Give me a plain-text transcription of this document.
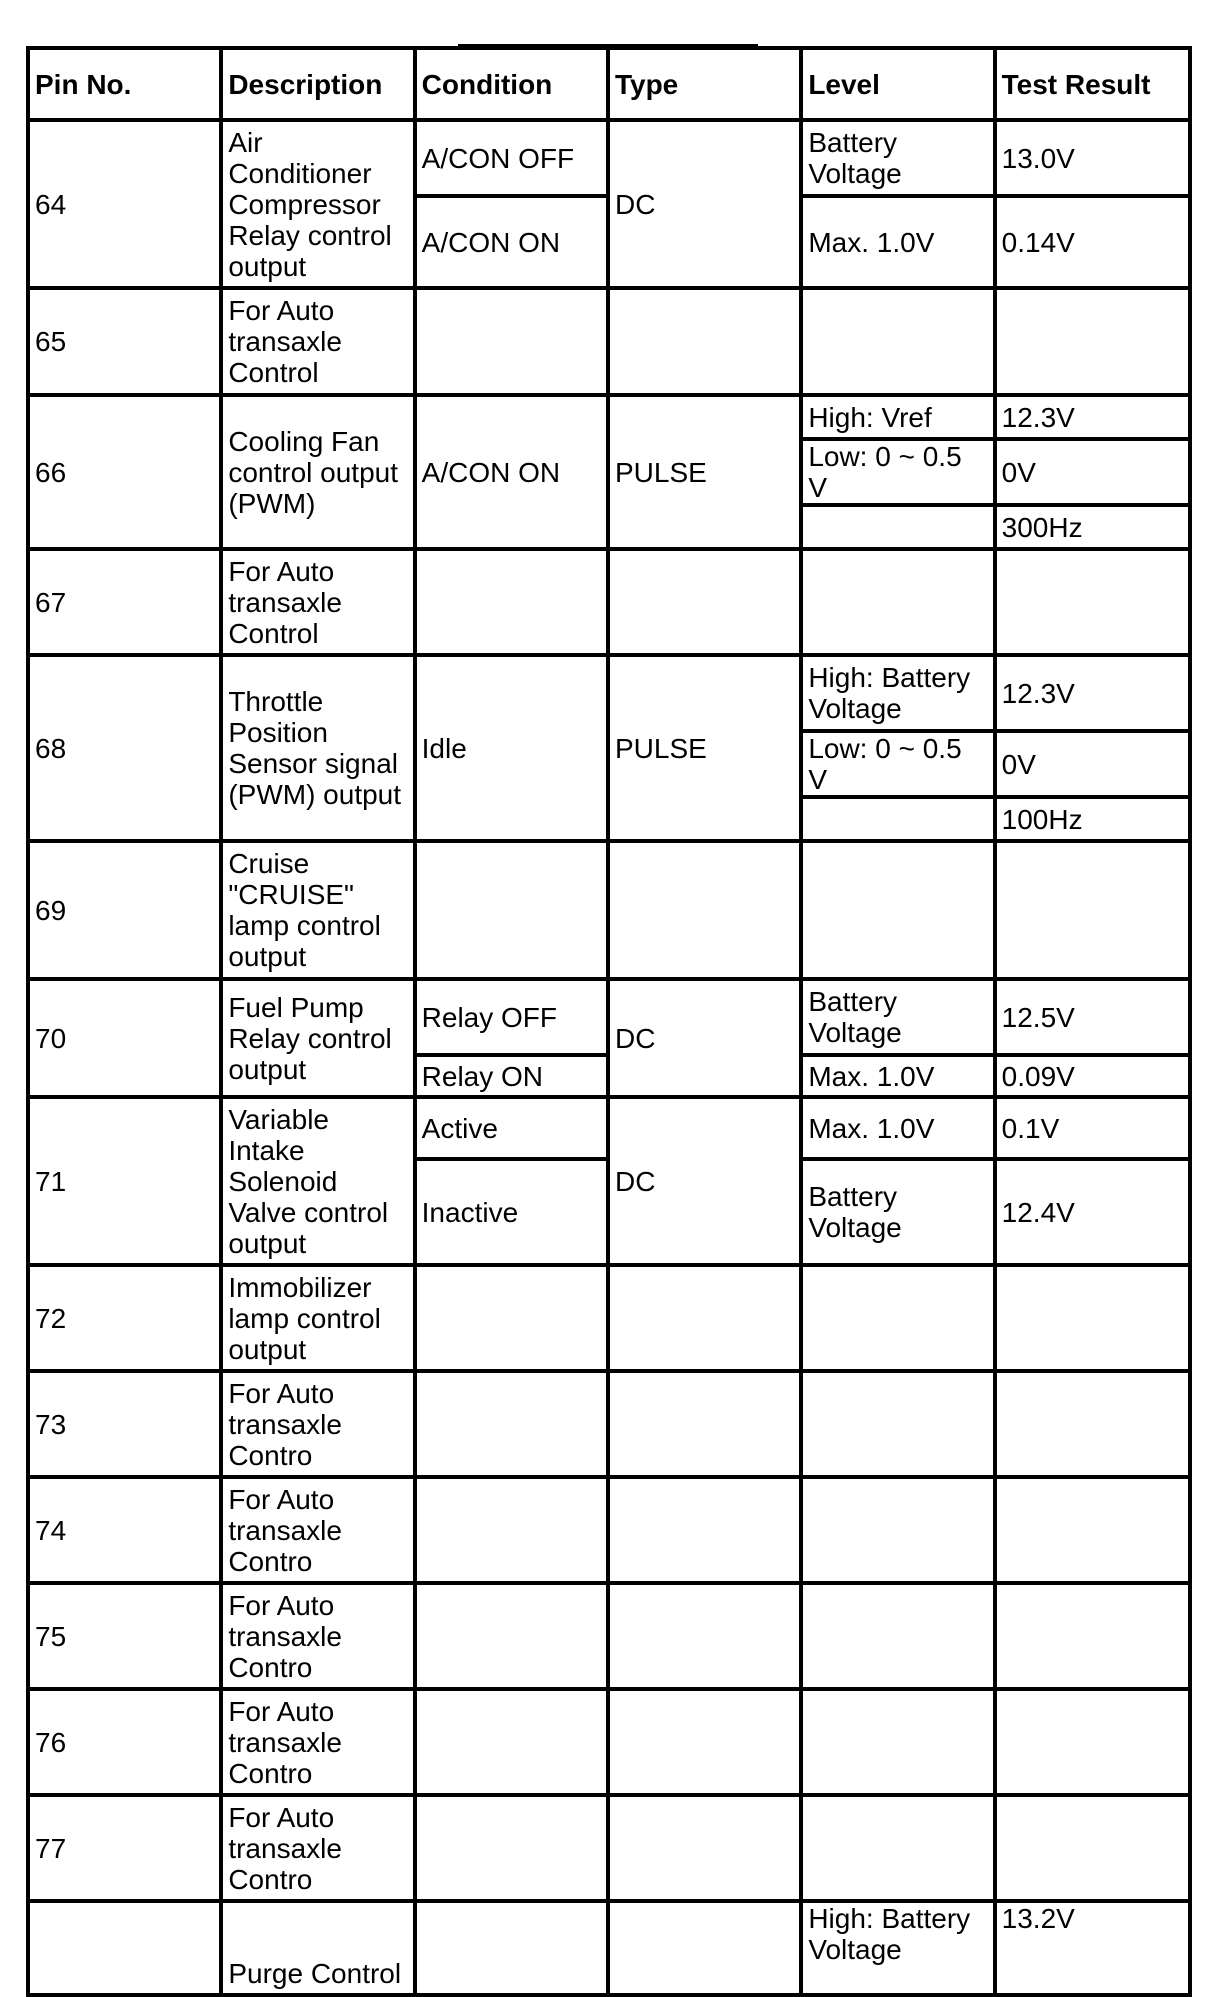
Pin No.	Description	Condition	Type	Level	Test Result
64	Air Conditioner Compressor Relay control output	A/CON OFF	DC	Battery Voltage	13.0V
		A/CON ON		Max. 1.0V	0.14V
65	For Auto transaxle Control				
66	Cooling Fan control output (PWM)	A/CON ON	PULSE	High: Vref	12.3V
				Low: 0 ~ 0.5 V	0V
					300Hz
67	For Auto transaxle Control				
68	Throttle Position Sensor signal (PWM) output	Idle	PULSE	High: Battery Voltage	12.3V
				Low: 0 ~ 0.5 V	0V
					100Hz
69	Cruise "CRUISE" lamp control output				
70	Fuel Pump Relay control output	Relay OFF	DC	Battery Voltage	12.5V
		Relay ON		Max. 1.0V	0.09V
71	Variable Intake Solenoid Valve control output	Active	DC	Max. 1.0V	0.1V
		Inactive		Battery Voltage	12.4V
72	Immobilizer lamp control output				
73	For Auto transaxle Contro				
74	For Auto transaxle Contro				
75	For Auto transaxle Contro				
76	For Auto transaxle Contro				
77	For Auto transaxle Contro				
	Purge Control			High: Battery Voltage	13.2V
